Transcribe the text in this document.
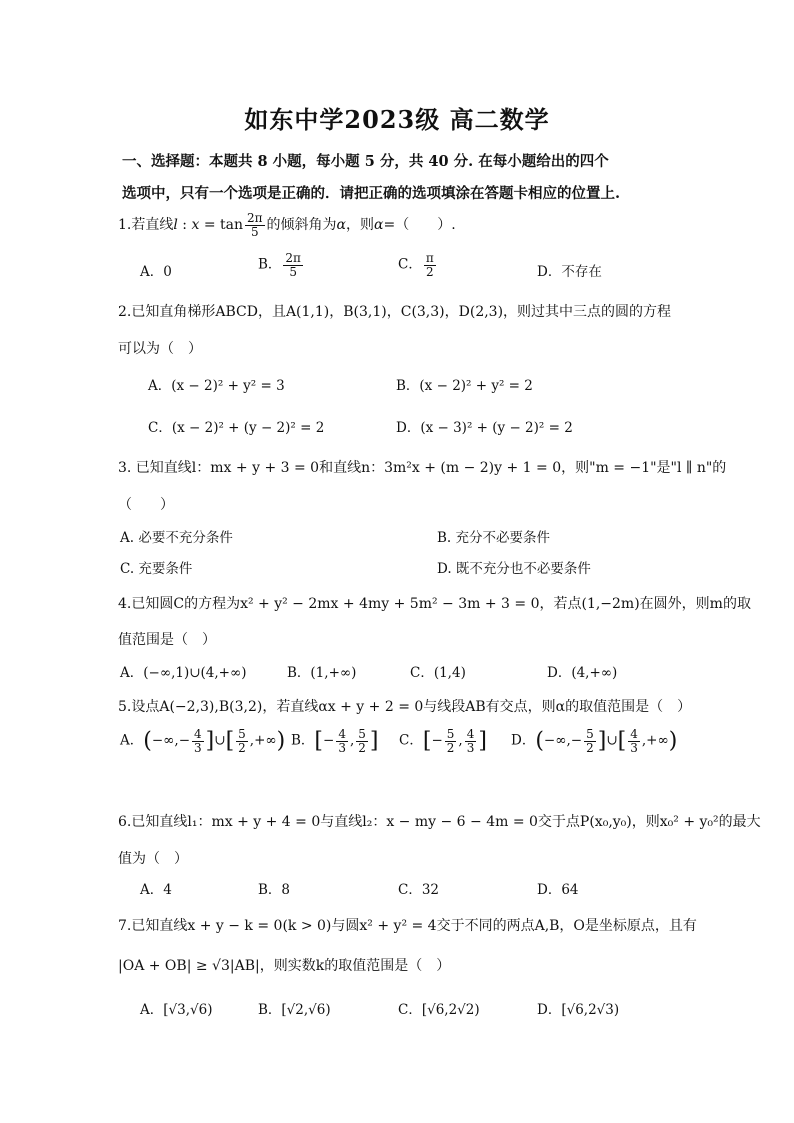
如东中学2023级 高二数学
一、选择题：本题共 8 小题，每小题 5 分，共 40 分. 在每小题给出的四个
选项中，只有一个选项是正确的．请把正确的选项填涂在答题卡相应的位置上.
1.若直线l : $x = \tan \frac{2\pi}{5}$ 的倾斜角为α，则α=（　　）.
A．0	B． $\frac{2\pi}{5}$	C． $\frac{\pi}{2}$	D．不存在
2.已知直角梯形ABCD，且A(1,1)，B(3,1)，C(3,3)，D(2,3)，则过其中三点的圆的方程
可以为（　）
A．(x − 2)² + y² = 3	B．(x − 2)² + y² = 2
C．(x − 2)² + (y − 2)² = 2	D．(x − 3)² + (y − 2)² = 2
3. 已知直线l：mx + y + 3 = 0和直线n：3m²x + (m − 2)y + 1 = 0，则"m = −1"是"l ∥ n"的
（　　）
A. 必要不充分条件	B. 充分不必要条件
C. 充要条件	D. 既不充分也不必要条件
4.已知圆C的方程为x² + y² − 2mx + 4my + 5m² − 3m + 3 = 0，若点(1,−2m)在圆外，则m的取
值范围是（　）
A．(−∞,1)∪(4,+∞)	B．(1,+∞)	C．(1,4)	D．(4,+∞)
5.设点A(−2,3),B(3,2)，若直线αx + y + 2 = 0与线段AB有交点，则α的取值范围是（　）
A．(−∞,− $\frac{4}{3}$ ]∪[ $\frac{5}{2}$ ,+∞) B．[− $\frac{4}{3}$ , $\frac{5}{2}$ ] C．[− $\frac{5}{2}$ , $\frac{4}{3}$ ] D．(−∞,− $\frac{5}{2}$ ]∪[ $\frac{4}{3}$ ,+∞)
6.已知直线l₁：mx + y + 4 = 0与直线l₂：x − my − 6 − 4m = 0交于点P(x₀,y₀)，则x₀² + y₀²的最大
值为（　）
A．4	B．8	C．32	D．64
7.已知直线x + y − k = 0(k > 0)与圆x² + y² = 4交于不同的两点A,B，O是坐标原点，且有
|OA + OB| ≥ √3|AB|，则实数k的取值范围是（　）
A．[√3,√6)	B．[√2,√6)	C．[√6,2√2)	D．[√6,2√3)
